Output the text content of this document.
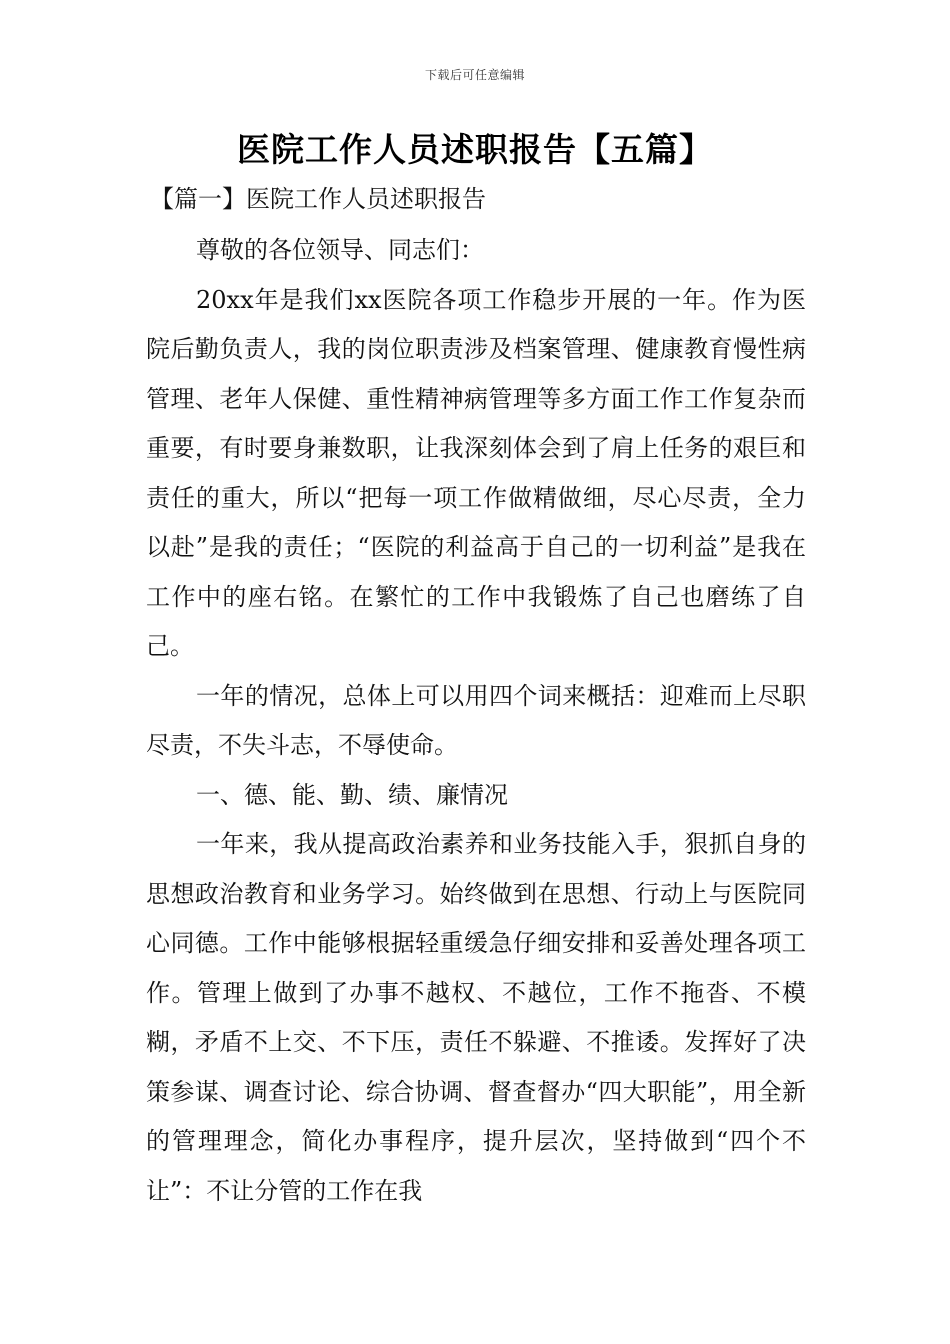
下载后可任意编辑
医院工作人员述职报告【五篇】
【篇一】医院工作人员述职报告

尊敬的各位领导、同志们：

20xx年是我们xx医院各项工作稳步开展的一年。作为医院后勤负责人，我的岗位职责涉及档案管理、健康教育慢性病管理、老年人保健、重性精神病管理等多方面工作工作复杂而重要，有时要身兼数职，让我深刻体会到了肩上任务的艰巨和责任的重大，所以“把每一项工作做精做细，尽心尽责，全力以赴”是我的责任；“医院的利益高于自己的一切利益”是我在工作中的座右铭。在繁忙的工作中我锻炼了自己也磨练了自己。

一年的情况，总体上可以用四个词来概括：迎难而上尽职尽责，不失斗志，不辱使命。

一、德、能、勤、绩、廉情况

一年来，我从提高政治素养和业务技能入手，狠抓自身的思想政治教育和业务学习。始终做到在思想、行动上与医院同心同德。工作中能够根据轻重缓急仔细安排和妥善处理各项工作。管理上做到了办事不越权、不越位，工作不拖沓、不模糊，矛盾不上交、不下压，责任不躲避、不推诿。发挥好了决策参谋、调查讨论、综合协调、督查督办“四大职能”，用全新的管理理念，简化办事程序，提升层次，坚持做到“四个不让”：不让分管的工作在我
